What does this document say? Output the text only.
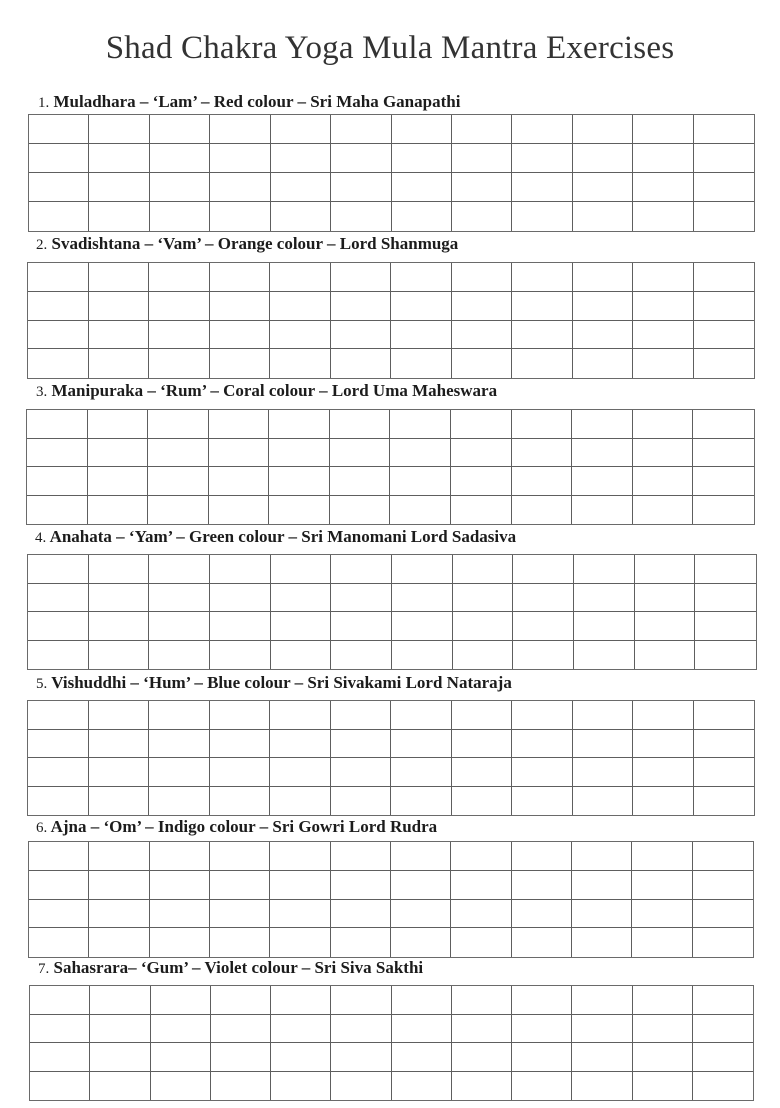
Shad Chakra Yoga Mula Mantra Exercises
1. Muladhara – ‘Lam’ – Red colour – Sri Maha Ganapathi
2. Svadishtana – ‘Vam’ – Orange colour – Lord Shanmuga
3. Manipuraka – ‘Rum’ – Coral colour – Lord Uma Maheswara
4. Anahata – ‘Yam’ – Green colour – Sri Manomani Lord Sadasiva
5. Vishuddhi – ‘Hum’ – Blue colour – Sri Sivakami Lord Nataraja
6. Ajna – ‘Om’ – Indigo colour – Sri Gowri Lord Rudra
7. Sahasrara– ‘Gum’ – Violet colour – Sri Siva Sakthi
